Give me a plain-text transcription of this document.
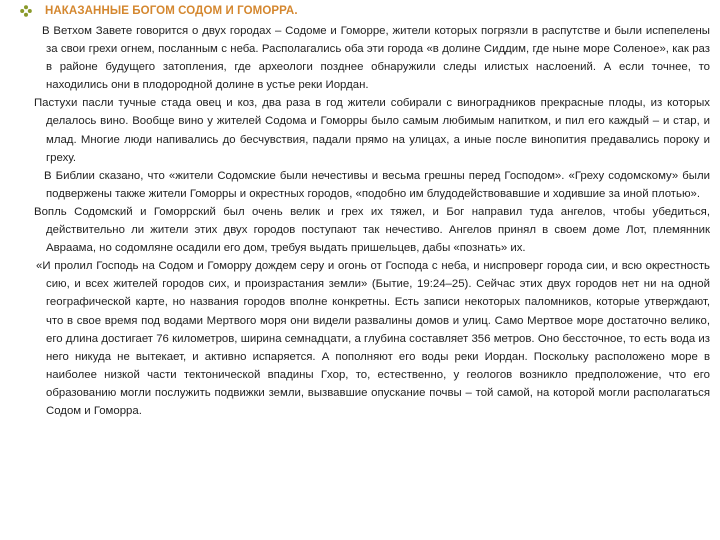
НАКАЗАННЫЕ БОГОМ СОДОМ И ГОМОРРА.

В Ветхом Завете говорится о двух городах – Содоме и Гоморре, жители которых погрязли в распутстве и были испепелены за свои грехи огнем, посланным с неба. Располагались оба эти города «в долине Сиддим, где ныне море Соленое», как раз в районе будущего затопления, где археологи позднее обнаружили следы илистых наслоений. А если точнее, то находились они в плодородной долине в устье реки Иордан.

Пастухи пасли тучные стада овец и коз, два раза в год жители собирали с виноградников прекрасные плоды, из которых делалось вино. Вообще вино у жителей Содома и Гоморры было самым любимым напитком, и пил его каждый – и стар, и млад. Многие люди напивались до бесчувствия, падали прямо на улицах, а иные после винопития предавались пороку и греху.

В Библии сказано, что «жители Содомские были нечестивы и весьма грешны перед Господом». «Греху содомскому» были подвержены также жители Гоморры и окрестных городов, «подобно им блудодействовавшие и ходившие за иной плотью».

Вопль Содомский и Гоморрский был очень велик и грех их тяжел, и Бог направил туда ангелов, чтобы убедиться, действительно ли жители этих двух городов поступают так нечестиво. Ангелов принял в своем доме Лот, племянник Авраама, но содомляне осадили его дом, требуя выдать пришельцев, дабы «познать» их.

«И пролил Господь на Содом и Гоморру дождем серу и огонь от Господа с неба, и ниспроверг города сии, и всю окрестность сию, и всех жителей городов сих, и произрастания земли» (Бытие, 19:24–25). Сейчас этих двух городов нет ни на одной географической карте, но названия городов вполне конкретны. Есть записи некоторых паломников, которые утверждают, что в свое время под водами Мертвого моря они видели развалины домов и улиц. Само Мертвое море достаточно велико, его длина достигает 76 километров, ширина семнадцати, а глубина составляет 356 метров. Оно бессточное, то есть вода из него никуда не вытекает, и активно испаряется. А пополняют его воды реки Иордан. Поскольку расположено море в наиболее низкой части тектонической впадины Гхор, то, естественно, у геологов возникло предположение, что его образованию могли послужить подвижки земли, вызвавшие опускание почвы – той самой, на которой могли располагаться Содом и Гоморра.
